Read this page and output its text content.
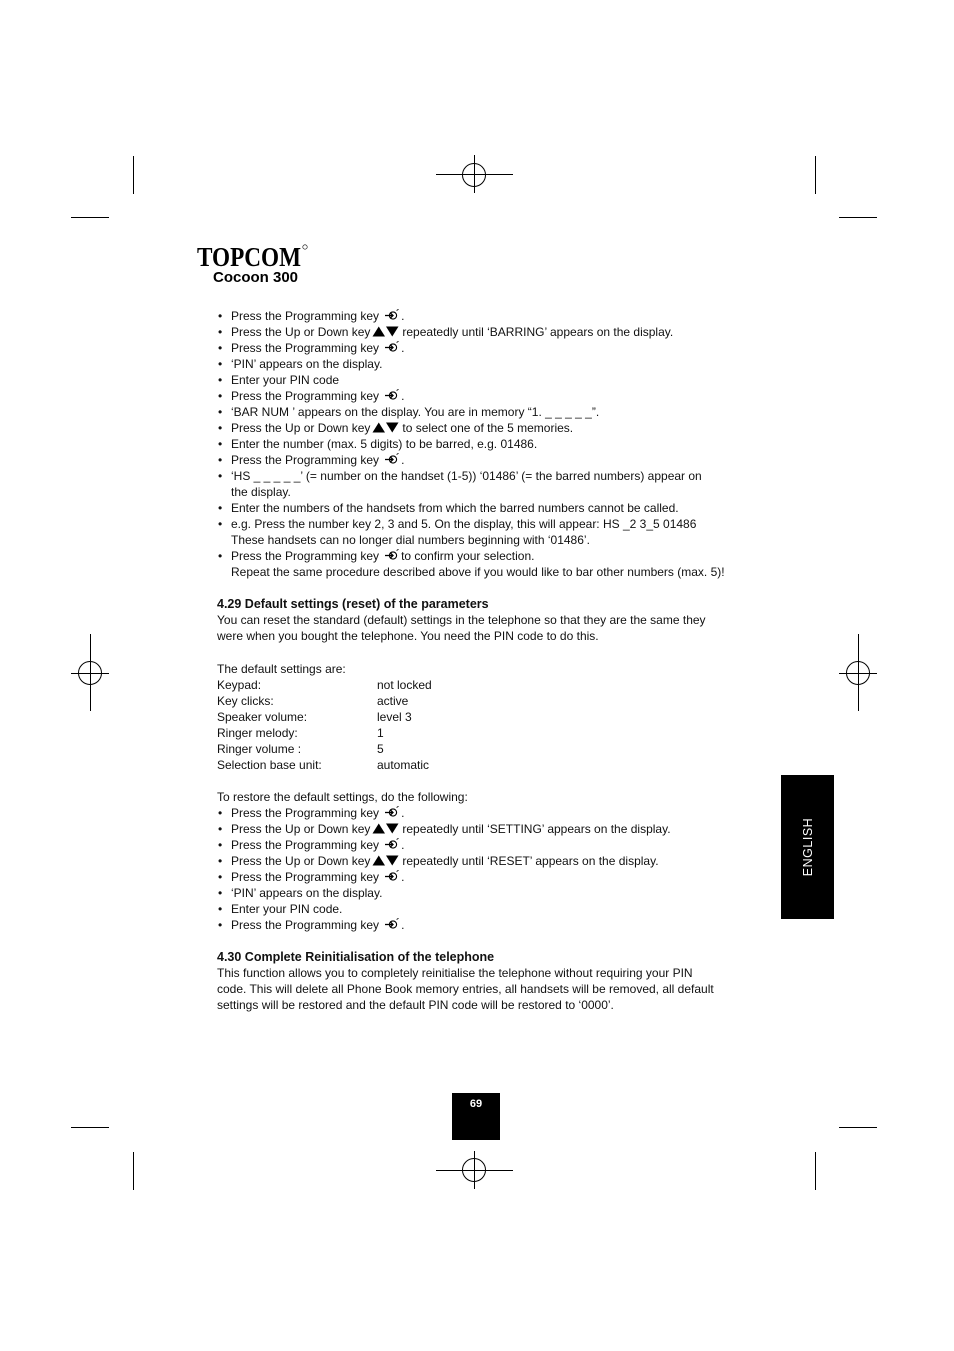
TOPCOM
Cocoon 300
• Press the Programming key .
• Press the Up or Down key	repeatedly until ‘BARRING’ appears on the display.
• Press the Programming key .
• ‘PIN’ appears on the display.
• Enter your PIN code
• Press the Programming key .
• ‘BAR NUM ’ appears on the display. You are in memory “1. _ _ _ _ _”.
• Press the Up or Down key	to select one of the 5 memories.
• Enter the number (max. 5 digits) to be barred, e.g. 01486.
• Press the Programming key .
• ‘HS _ _ _ _ _’ (= number on the handset (1-5)) ‘01486’ (= the barred numbers) appear on
the display.
• Enter the numbers of the handsets from which the barred numbers cannot be called.
• e.g. Press the number key 2, 3 and 5. On the display, this will appear: HS _2 3_5 01486
These handsets can no longer dial numbers beginning with ‘01486’.
• Press the Programming key to confirm your selection.
Repeat the same procedure described above if you would like to bar other numbers (max. 5)!
4.29 Default settings (reset) of the parameters
You can reset the standard (default) settings in the telephone so that they are the same they
were when you bought the telephone. You need the PIN code to do this.
The default settings are:
Keypad:	not locked
Key clicks:	active
Speaker volume:	level 3
Ringer melody:	1
Ringer volume :	5
Selection base unit:	automatic
To restore the default settings, do the following:
• Press the Programming key .
• Press the Up or Down key	repeatedly until ‘SETTING’ appears on the display.
• Press the Programming key .
• Press the Up or Down key	repeatedly until ‘RESET’ appears on the display.
• Press the Programming key .
• ‘PIN’ appears on the display.
• Enter your PIN code.
• Press the Programming key .
4.30 Complete Reinitialisation of the telephone
This function allows you to completely reinitialise the telephone without requiring your PIN
code. This will delete all Phone Book memory entries, all handsets will be removed, all default
settings will be restored and the default PIN code will be restored to ‘0000’.
ENGLISH
69
